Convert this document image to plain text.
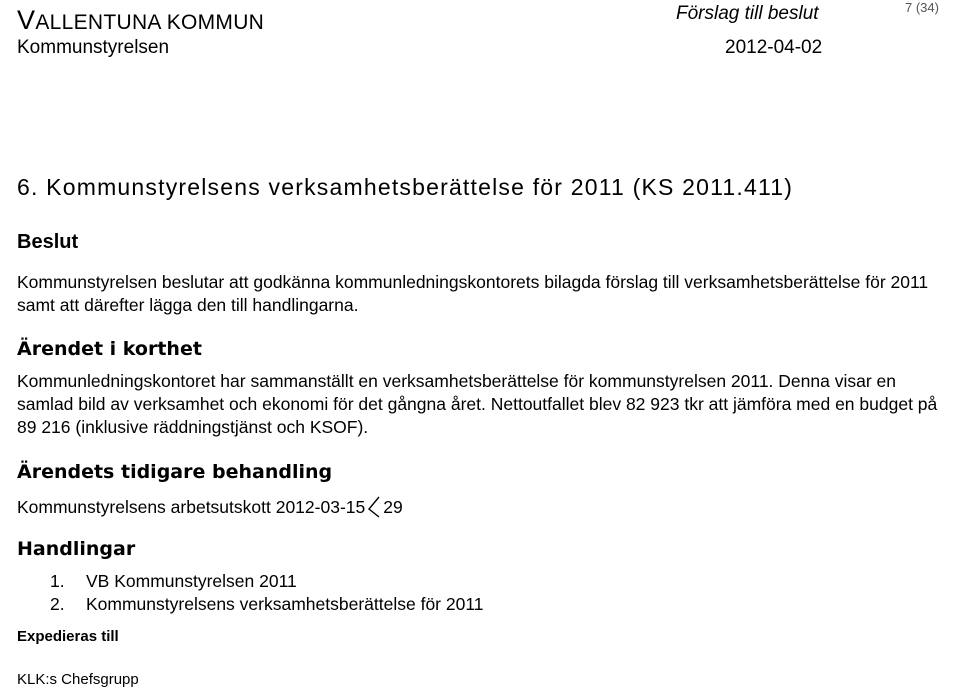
VALLENTUNA KOMMUN
Kommunstyrelsen
Förslag till beslut
2012-04-02
7 (34)
6. Kommunstyrelsens verksamhetsberättelse för 2011 (KS 2011.411)
Beslut
Kommunstyrelsen beslutar att godkänna kommunledningskontorets bilagda förslag till verksamhetsberättelse för 2011 samt att därefter lägga den till handlingarna.
Ärendet i korthet
Kommunledningskontoret har sammanställt en verksamhetsberättelse för kommunstyrelsen 2011. Denna visar en samlad bild av verksamhet och ekonomi för det gångna året. Nettoutfallet blev 82 923 tkr att jämföra med en budget på 89 216 (inklusive räddningstjänst och KSOF).
Ärendets tidigare behandling
Kommunstyrelsens arbetsutskott 2012-03-15 29
Handlingar
1. VB Kommunstyrelsen 2011
2. Kommunstyrelsens verksamhetsberättelse för 2011
Expedieras till
KLK:s Chefsgrupp
